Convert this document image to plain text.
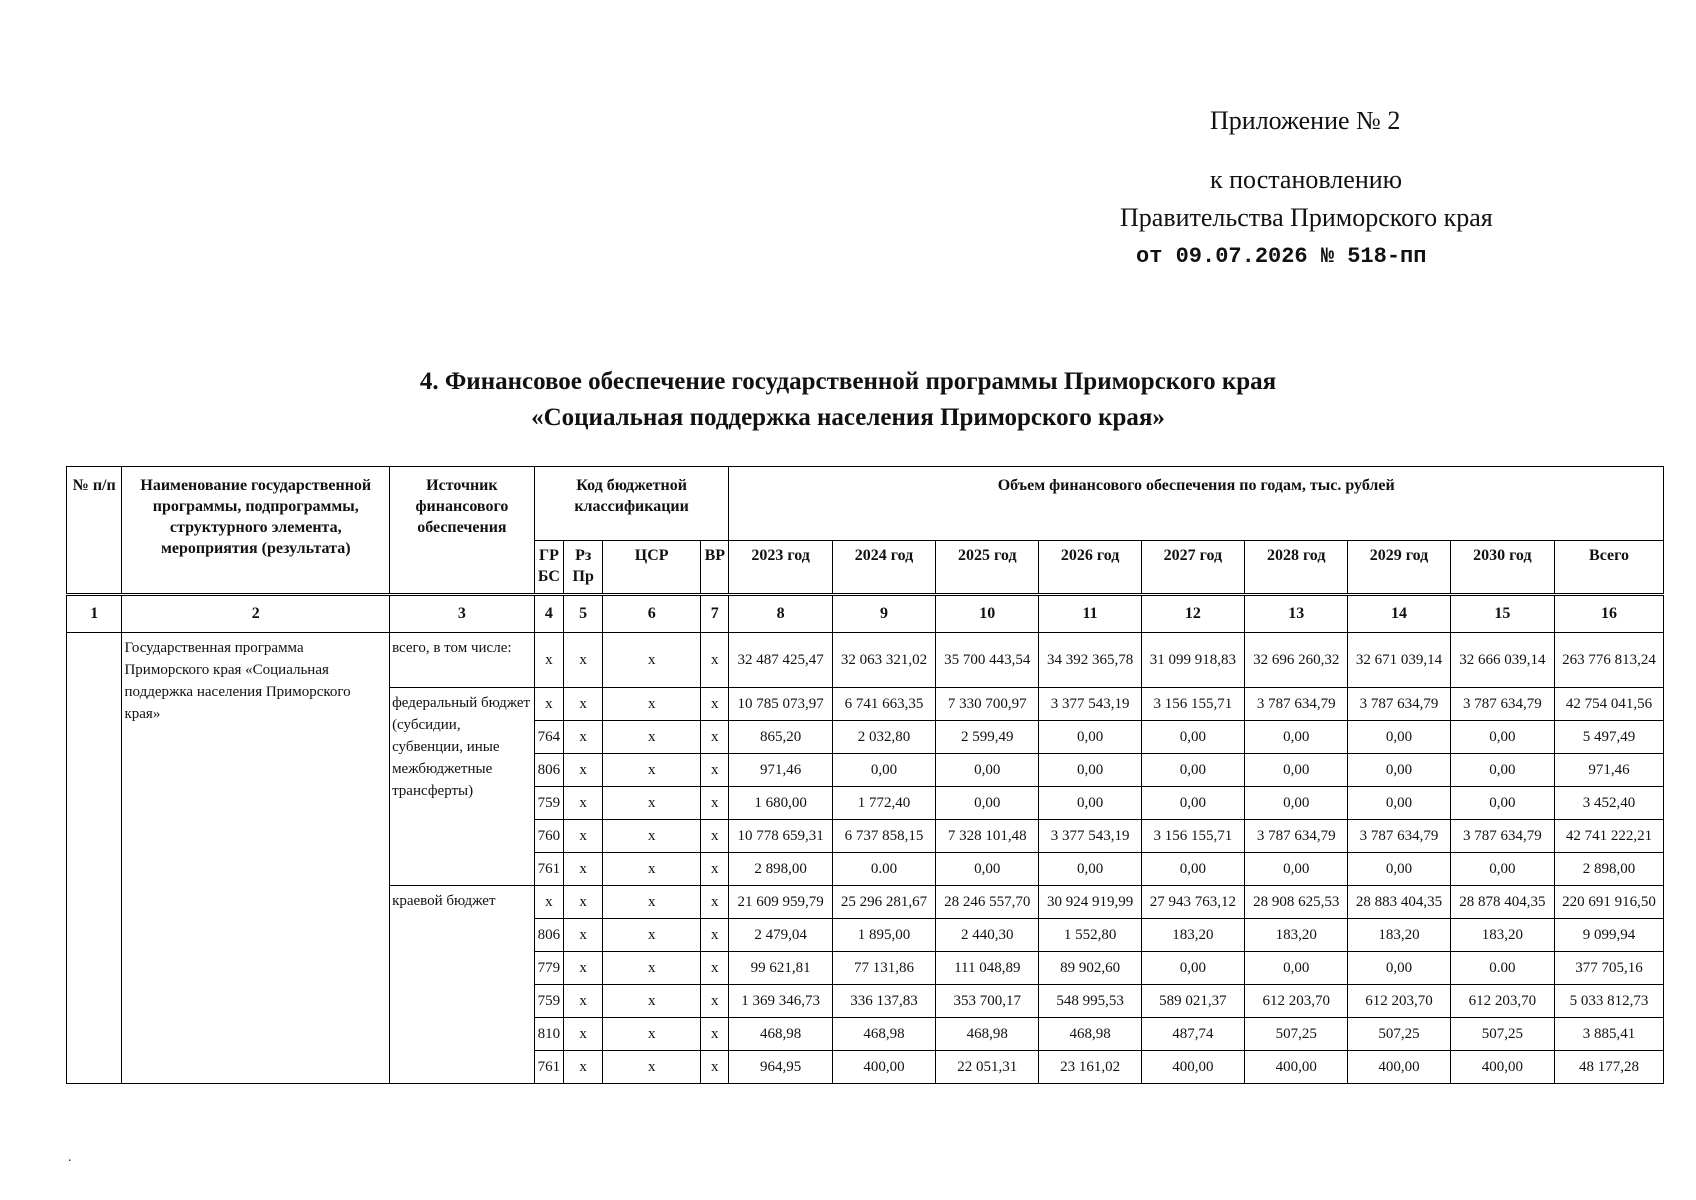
Приложение № 2
к постановлению
Правительства Приморского края
от 09.07.2026 № 518-пп
4. Финансовое обеспечение государственной программы Приморского края
«Социальная поддержка населения Приморского края»
№ п/п	Наименование государственной программы, подпрограммы, структурного элемента, мероприятия (результата)	Источник финансового обеспечения	Код бюджетной классификации				Объем финансового обеспечения по годам, тыс. рублей								
			ГР БС	Рз Пр	ЦСР	ВР	2023 год	2024 год	2025 год	2026 год	2027 год	2028 год	2029 год	2030 год	Всего
1	2	3	4	5	6	7	8	9	10	11	12	13	14	15	16
	Государственная программа Приморского края «Социальная поддержка населения Приморского края»	всего, в том числе:	x	x	x	x	32 487 425,47	32 063 321,02	35 700 443,54	34 392 365,78	31 099 918,83	32 696 260,32	32 671 039,14	32 666 039,14	263 776 813,24
		федеральный бюджет (субсидии, субвенции, иные межбюджетные трансферты)	x	x	x	x	10 785 073,97	6 741 663,35	7 330 700,97	3 377 543,19	3 156 155,71	3 787 634,79	3 787 634,79	3 787 634,79	42 754 041,56
			764	x	x	x	865,20	2 032,80	2 599,49	0,00	0,00	0,00	0,00	0,00	5 497,49
			806	x	x	x	971,46	0,00	0,00	0,00	0,00	0,00	0,00	0,00	971,46
			759	x	x	x	1 680,00	1 772,40	0,00	0,00	0,00	0,00	0,00	0,00	3 452,40
			760	x	x	x	10 778 659,31	6 737 858,15	7 328 101,48	3 377 543,19	3 156 155,71	3 787 634,79	3 787 634,79	3 787 634,79	42 741 222,21
			761	x	x	x	2 898,00	0.00	0,00	0,00	0,00	0,00	0,00	0,00	2 898,00
		краевой бюджет	x	x	x	x	21 609 959,79	25 296 281,67	28 246 557,70	30 924 919,99	27 943 763,12	28 908 625,53	28 883 404,35	28 878 404,35	220 691 916,50
			806	x	x	x	2 479,04	1 895,00	2 440,30	1 552,80	183,20	183,20	183,20	183,20	9 099,94
			779	x	x	x	99 621,81	77 131,86	111 048,89	89 902,60	0,00	0,00	0,00	0.00	377 705,16
			759	x	x	x	1 369 346,73	336 137,83	353 700,17	548 995,53	589 021,37	612 203,70	612 203,70	612 203,70	5 033 812,73
			810	x	x	x	468,98	468,98	468,98	468,98	487,74	507,25	507,25	507,25	3 885,41
			761	x	x	x	964,95	400,00	22 051,31	23 161,02	400,00	400,00	400,00	400,00	48 177,28
.
